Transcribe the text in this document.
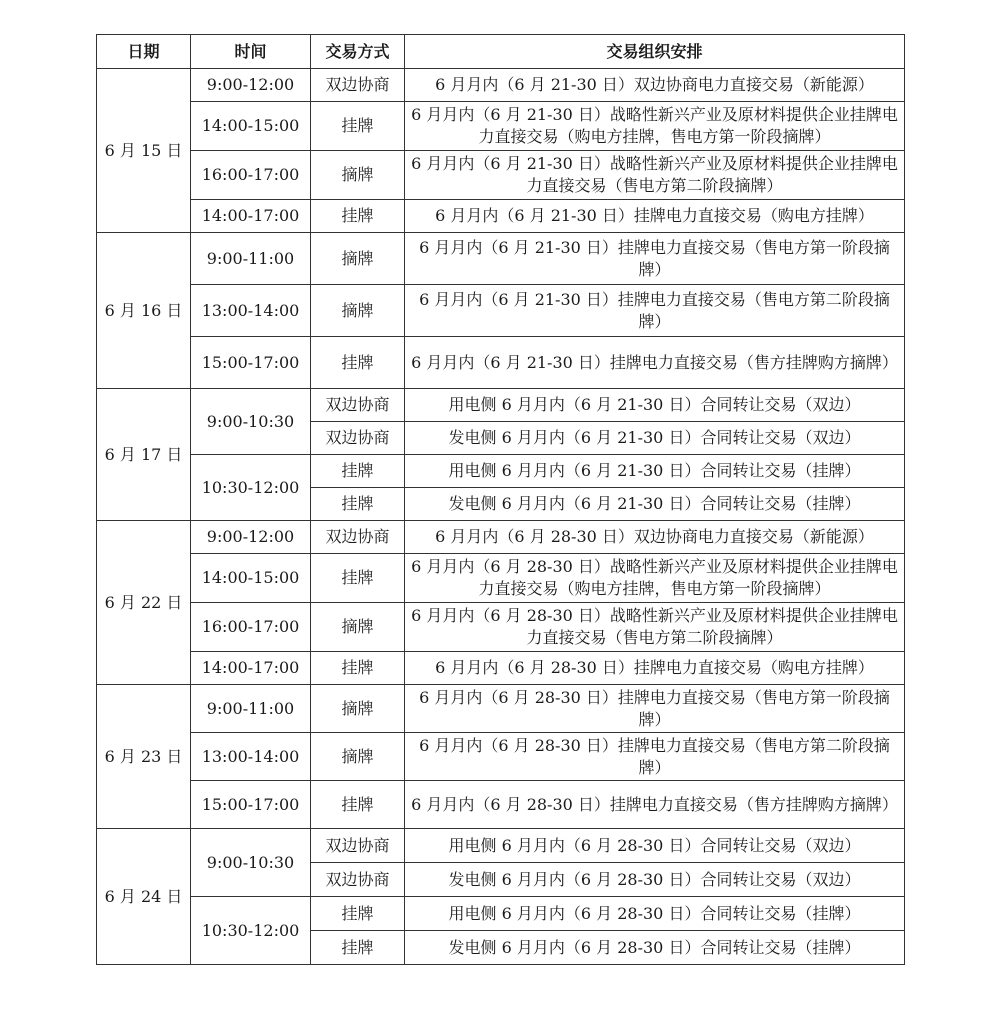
日期	时间	交易方式	交易组织安排
6 月 15 日	9:00-12:00	双边协商	6 月月内（6 月 21-30 日）双边协商电力直接交易（新能源）
	14:00-15:00	挂牌	6 月月内（6 月 21-30 日）战略性新兴产业及原材料提供企业挂牌电力直接交易（购电方挂牌，售电方第一阶段摘牌）
	16:00-17:00	摘牌	6 月月内（6 月 21-30 日）战略性新兴产业及原材料提供企业挂牌电力直接交易（售电方第二阶段摘牌）
	14:00-17:00	挂牌	6 月月内（6 月 21-30 日）挂牌电力直接交易（购电方挂牌）
6 月 16 日	9:00-11:00	摘牌	6 月月内（6 月 21-30 日）挂牌电力直接交易（售电方第一阶段摘牌）
	13:00-14:00	摘牌	6 月月内（6 月 21-30 日）挂牌电力直接交易（售电方第二阶段摘牌）
	15:00-17:00	挂牌	6 月月内（6 月 21-30 日）挂牌电力直接交易（售方挂牌购方摘牌）
6 月 17 日	9:00-10:30	双边协商	用电侧 6 月月内（6 月 21-30 日）合同转让交易（双边）
		双边协商	发电侧 6 月月内（6 月 21-30 日）合同转让交易（双边）
	10:30-12:00	挂牌	用电侧 6 月月内（6 月 21-30 日）合同转让交易（挂牌）
		挂牌	发电侧 6 月月内（6 月 21-30 日）合同转让交易（挂牌）
6 月 22 日	9:00-12:00	双边协商	6 月月内（6 月 28-30 日）双边协商电力直接交易（新能源）
	14:00-15:00	挂牌	6 月月内（6 月 28-30 日）战略性新兴产业及原材料提供企业挂牌电力直接交易（购电方挂牌，售电方第一阶段摘牌）
	16:00-17:00	摘牌	6 月月内（6 月 28-30 日）战略性新兴产业及原材料提供企业挂牌电力直接交易（售电方第二阶段摘牌）
	14:00-17:00	挂牌	6 月月内（6 月 28-30 日）挂牌电力直接交易（购电方挂牌）
6 月 23 日	9:00-11:00	摘牌	6 月月内（6 月 28-30 日）挂牌电力直接交易（售电方第一阶段摘牌）
	13:00-14:00	摘牌	6 月月内（6 月 28-30 日）挂牌电力直接交易（售电方第二阶段摘牌）
	15:00-17:00	挂牌	6 月月内（6 月 28-30 日）挂牌电力直接交易（售方挂牌购方摘牌）
6 月 24 日	9:00-10:30	双边协商	用电侧 6 月月内（6 月 28-30 日）合同转让交易（双边）
		双边协商	发电侧 6 月月内（6 月 28-30 日）合同转让交易（双边）
	10:30-12:00	挂牌	用电侧 6 月月内（6 月 28-30 日）合同转让交易（挂牌）
		挂牌	发电侧 6 月月内（6 月 28-30 日）合同转让交易（挂牌）
